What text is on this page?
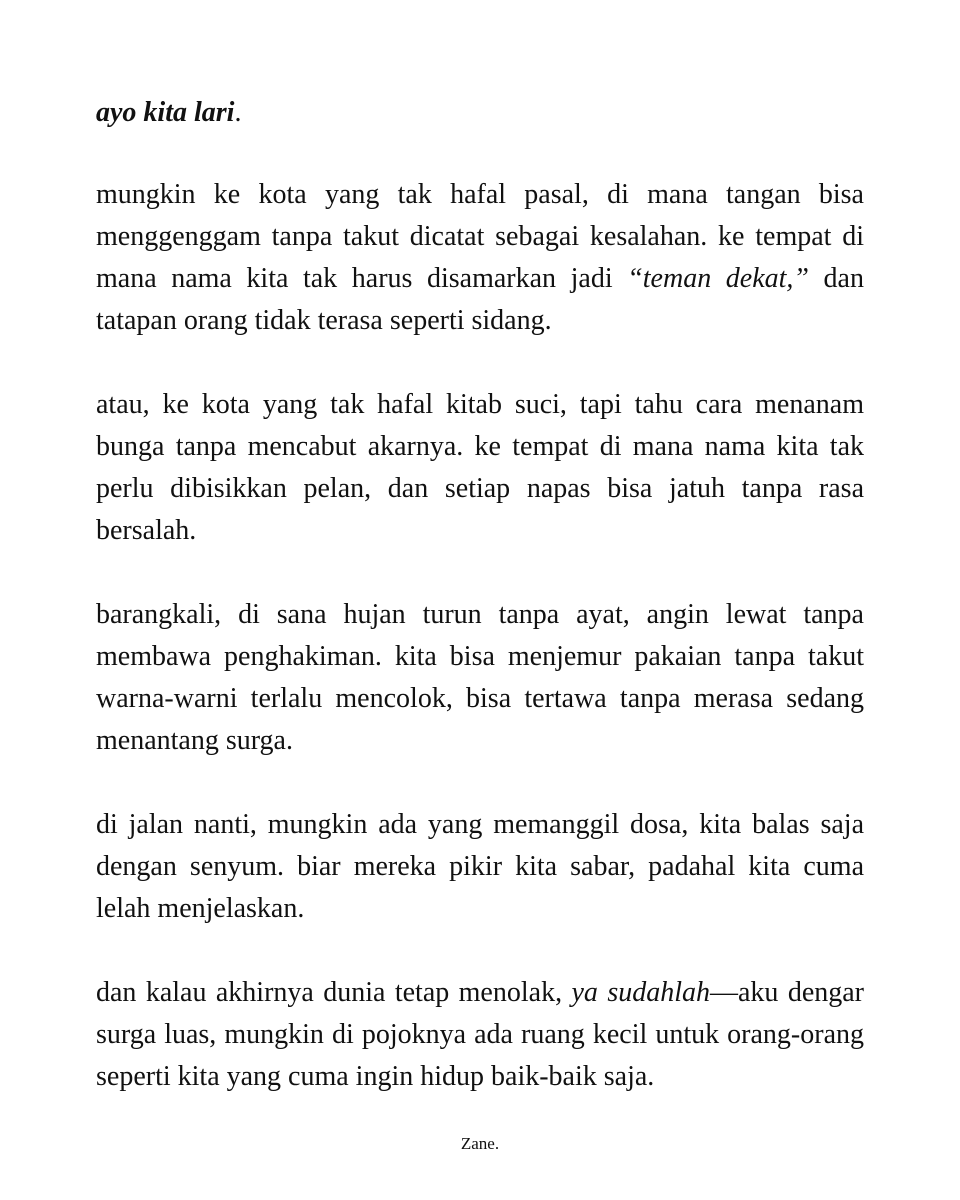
ayo kita lari.

mungkin ke kota yang tak hafal pasal, di mana tangan bisa menggenggam tanpa takut dicatat sebagai kesalahan. ke tempat di mana nama kita tak harus disamarkan jadi “teman dekat,” dan tatapan orang tidak terasa seperti sidang.

atau, ke kota yang tak hafal kitab suci, tapi tahu cara menanam bunga tanpa mencabut akarnya. ke tempat di mana nama kita tak perlu dibisikkan pelan, dan setiap napas bisa jatuh tanpa rasa bersalah.

barangkali, di sana hujan turun tanpa ayat, angin lewat tanpa membawa penghakiman. kita bisa menjemur pakaian tanpa takut warna-warni terlalu mencolok, bisa tertawa tanpa merasa sedang menantang surga.

di jalan nanti, mungkin ada yang memanggil dosa, kita balas saja dengan senyum. biar mereka pikir kita sabar, padahal kita cuma lelah menjelaskan.

dan kalau akhirnya dunia tetap menolak, ya sudahlah—aku dengar surga luas, mungkin di pojoknya ada ruang kecil untuk orang-orang seperti kita yang cuma ingin hidup baik-baik saja.

Zane.
